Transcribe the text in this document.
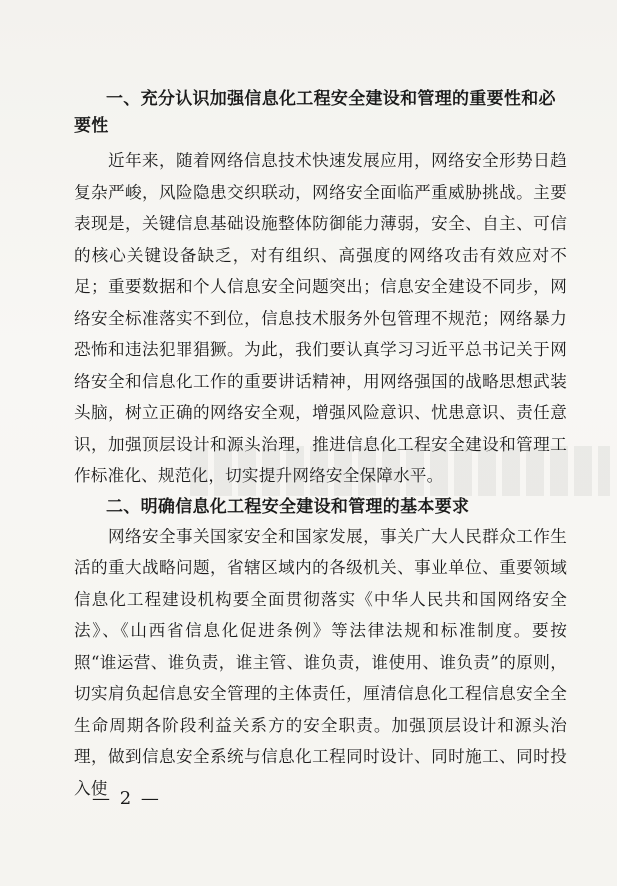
一、充分认识加强信息化工程安全建设和管理的重要性和必要性

近年来，随着网络信息技术快速发展应用，网络安全形势日趋复杂严峻，风险隐患交织联动，网络安全面临严重威胁挑战。主要表现是，关键信息基础设施整体防御能力薄弱，安全、自主、可信的核心关键设备缺乏，对有组织、高强度的网络攻击有效应对不足；重要数据和个人信息安全问题突出；信息安全建设不同步，网络安全标准落实不到位，信息技术服务外包管理不规范；网络暴力恐怖和违法犯罪猖獗。为此，我们要认真学习习近平总书记关于网络安全和信息化工作的重要讲话精神，用网络强国的战略思想武装头脑，树立正确的网络安全观，增强风险意识、忧患意识、责任意识，加强顶层设计和源头治理，推进信息化工程安全建设和管理工作标准化、规范化，切实提升网络安全保障水平。

二、明确信息化工程安全建设和管理的基本要求

网络安全事关国家安全和国家发展，事关广大人民群众工作生活的重大战略问题，省辖区域内的各级机关、事业单位、重要领域信息化工程建设机构要全面贯彻落实《中华人民共和国网络安全法》、《山西省信息化促进条例》等法律法规和标准制度。要按照“谁运营、谁负责，谁主管、谁负责，谁使用、谁负责”的原则，切实肩负起信息安全管理的主体责任，厘清信息化工程信息安全全生命周期各阶段利益关系方的安全职责。加强顶层设计和源头治理，做到信息安全系统与信息化工程同时设计、同时施工、同时投入使

— 2 —
